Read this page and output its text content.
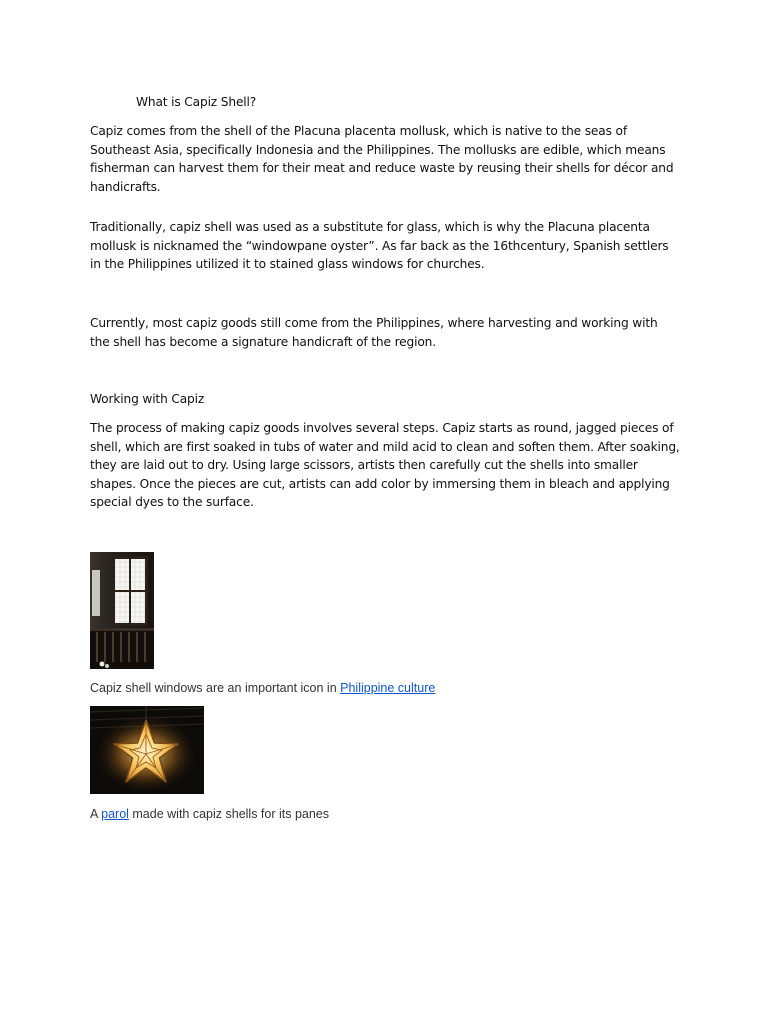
What is Capiz Shell?

Capiz comes from the shell of the Placuna placenta mollusk, which is native to the seas of Southeast Asia, specifically Indonesia and the Philippines. The mollusks are edible, which means fisherman can harvest them for their meat and reduce waste by reusing their shells for décor and handicrafts.

Traditionally, capiz shell was used as a substitute for glass, which is why the Placuna placenta mollusk is nicknamed the “windowpane oyster”. As far back as the 16thcentury, Spanish settlers in the Philippines utilized it to stained glass windows for churches.

Currently, most capiz goods still come from the Philippines, where harvesting and working with the shell has become a signature handicraft of the region.

Working with Capiz

The process of making capiz goods involves several steps. Capiz starts as round, jagged pieces of shell, which are first soaked in tubs of water and mild acid to clean and soften them. After soaking, they are laid out to dry. Using large scissors, artists then carefully cut the shells into smaller shapes. Once the pieces are cut, artists can add color by immersing them in bleach and applying special dyes to the surface.

Capiz shell windows are an important icon in Philippine culture

A parol made with capiz shells for its panes
